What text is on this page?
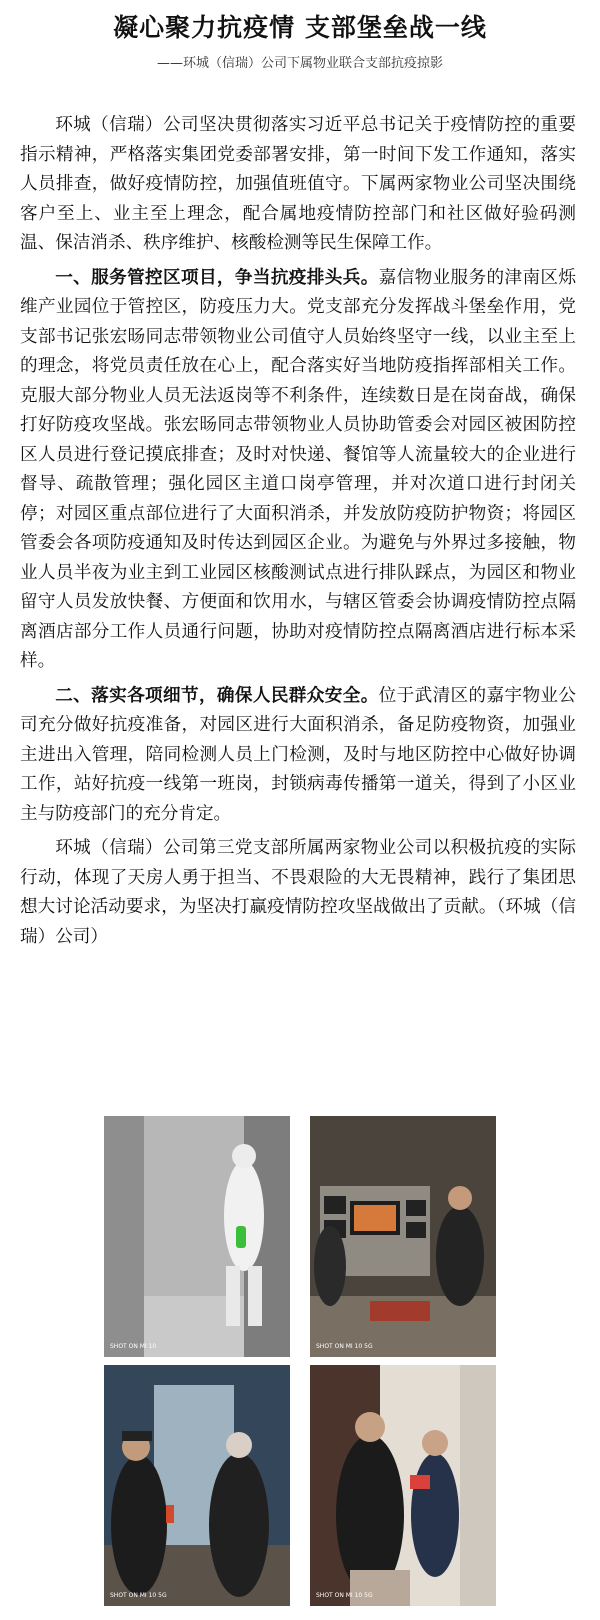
凝心聚力抗疫情 支部堡垒战一线
——环城（信瑞）公司下属物业联合支部抗疫掠影

环城（信瑞）公司坚决贯彻落实习近平总书记关于疫情防控的重要指示精神，严格落实集团党委部署安排，第一时间下发工作通知，落实人员排查，做好疫情防控，加强值班值守。下属两家物业公司坚决围绕客户至上、业主至上理念，配合属地疫情防控部门和社区做好验码测温、保洁消杀、秩序维护、核酸检测等民生保障工作。

一、服务管控区项目，争当抗疫排头兵。嘉信物业服务的津南区烁维产业园位于管控区，防疫压力大。党支部充分发挥战斗堡垒作用，党支部书记张宏旸同志带领物业公司值守人员始终坚守一线，以业主至上的理念，将党员责任放在心上，配合落实好当地防疫指挥部相关工作。克服大部分物业人员无法返岗等不利条件，连续数日是在岗奋战，确保打好防疫攻坚战。张宏旸同志带领物业人员协助管委会对园区被困防控区人员进行登记摸底排查；及时对快递、餐馆等人流量较大的企业进行督导、疏散管理；强化园区主道口岗亭管理，并对次道口进行封闭关停；对园区重点部位进行了大面积消杀，并发放防疫防护物资；将园区管委会各项防疫通知及时传达到园区企业。为避免与外界过多接触，物业人员半夜为业主到工业园区核酸测试点进行排队踩点，为园区和物业留守人员发放快餐、方便面和饮用水，与辖区管委会协调疫情防控点隔离酒店部分工作人员通行问题，协助对疫情防控点隔离酒店进行标本采样。

二、落实各项细节，确保人民群众安全。位于武清区的嘉宇物业公司充分做好抗疫准备，对园区进行大面积消杀，备足防疫物资，加强业主进出入管理，陪同检测人员上门检测，及时与地区防控中心做好协调工作，站好抗疫一线第一班岗，封锁病毒传播第一道关，得到了小区业主与防疫部门的充分肯定。

环城（信瑞）公司第三党支部所属两家物业公司以积极抗疫的实际行动，体现了天房人勇于担当、不畏艰险的大无畏精神，践行了集团思想大讨论活动要求，为坚决打赢疫情防控攻坚战做出了贡献。（环城（信瑞）公司）

SHOT ON MI 10	SHOT ON MI 10 5G
SHOT ON MI 10 5G	SHOT ON MI 10 5G
